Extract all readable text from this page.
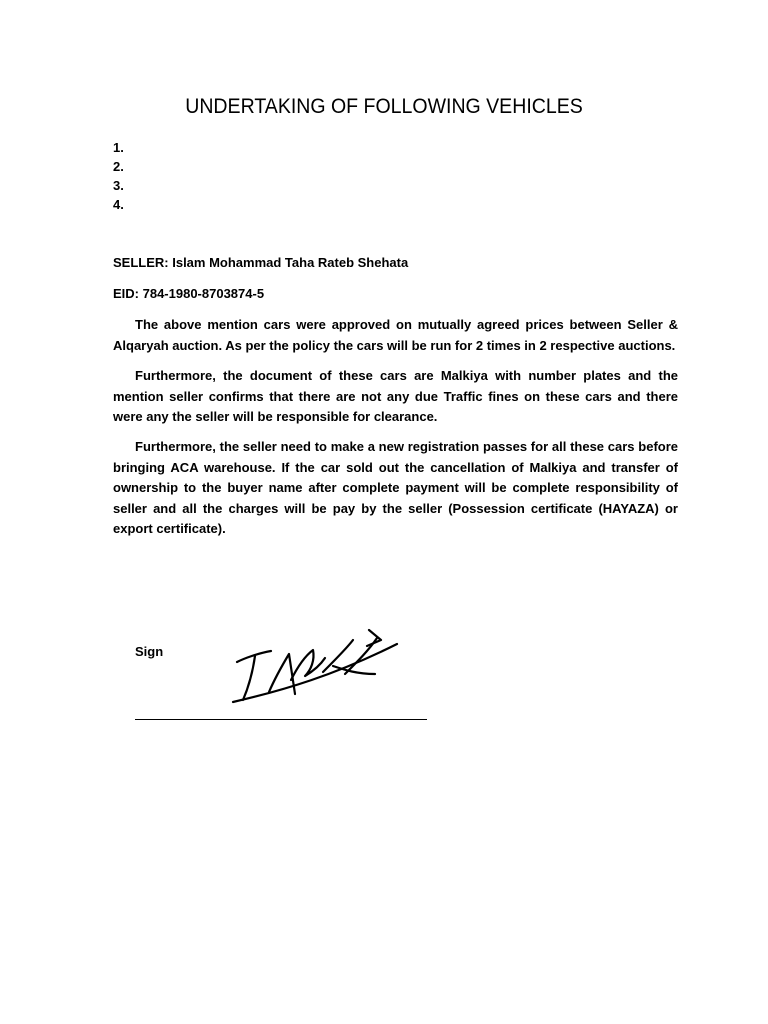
UNDERTAKING OF FOLLOWING VEHICLES
1.
2.
3.
4.
SELLER: Islam Mohammad Taha Rateb Shehata
EID: 784-1980-8703874-5

The above mention cars were approved on mutually agreed prices between Seller & Alqaryah auction. As per the policy the cars will be run for 2 times in 2 respective auctions.

Furthermore, the document of these cars are Malkiya with number plates and the mention seller confirms that there are not any due Traffic fines on these cars and there were any the seller will be responsible for clearance.

Furthermore, the seller need to make a new registration passes for all these cars before bringing ACA warehouse. If the car sold out the cancellation of Malkiya and transfer of ownership to the buyer name after complete payment will be complete responsibility of seller and all the charges will be pay by the seller (Possession certificate (HAYAZA) or export certificate).

Sign
